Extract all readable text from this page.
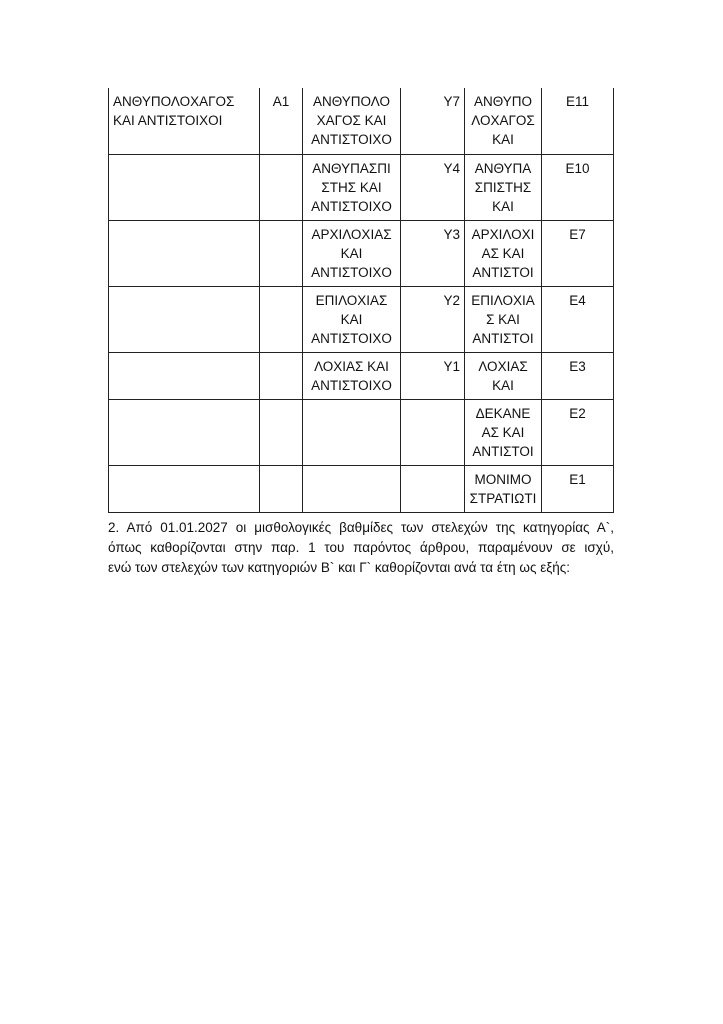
ΑΝΘΥΠΟΛΟΧΑΓΟΣ ΚΑΙ ΑΝΤΙΣΤΟΙΧΟΙ	Α1	ΑΝΘΥΠΟΛΟ ΧΑΓΟΣ ΚΑΙ ΑΝΤΙΣΤΟΙΧΟ	Υ7	ΑΝΘΥΠΟ ΛΟΧΑΓΟΣ ΚΑΙ	Ε11
		ΑΝΘΥΠΑΣΠΙ ΣΤΗΣ ΚΑΙ ΑΝΤΙΣΤΟΙΧΟ	Υ4	ΑΝΘΥΠΑ ΣΠΙΣΤΗΣ ΚΑΙ	Ε10
		ΑΡΧΙΛΟΧΙΑΣ ΚΑΙ ΑΝΤΙΣΤΟΙΧΟ	Υ3	ΑΡΧΙΛΟΧΙ ΑΣ ΚΑΙ ΑΝΤΙΣΤΟΙ	Ε7
		ΕΠΙΛΟΧΙΑΣ ΚΑΙ ΑΝΤΙΣΤΟΙΧΟ	Υ2	ΕΠΙΛΟΧΙΑ Σ ΚΑΙ ΑΝΤΙΣΤΟΙ	Ε4
		ΛΟΧΙΑΣ ΚΑΙ ΑΝΤΙΣΤΟΙΧΟ	Υ1	ΛΟΧΙΑΣ ΚΑΙ	Ε3
				ΔΕΚΑΝΕ ΑΣ ΚΑΙ ΑΝΤΙΣΤΟΙ	Ε2
				ΜΟΝΙΜΟ ΣΤΡΑΤΙΩΤΙ	Ε1
2. Από 01.01.2027 οι μισθολογικές βαθμίδες των στελεχών της κατηγορίας Α`,
όπως καθορίζονται στην παρ. 1 του παρόντος άρθρου, παραμένουν σε ισχύ,
ενώ των στελεχών των κατηγοριών Β` και Γ` καθορίζονται ανά τα έτη ως εξής:
